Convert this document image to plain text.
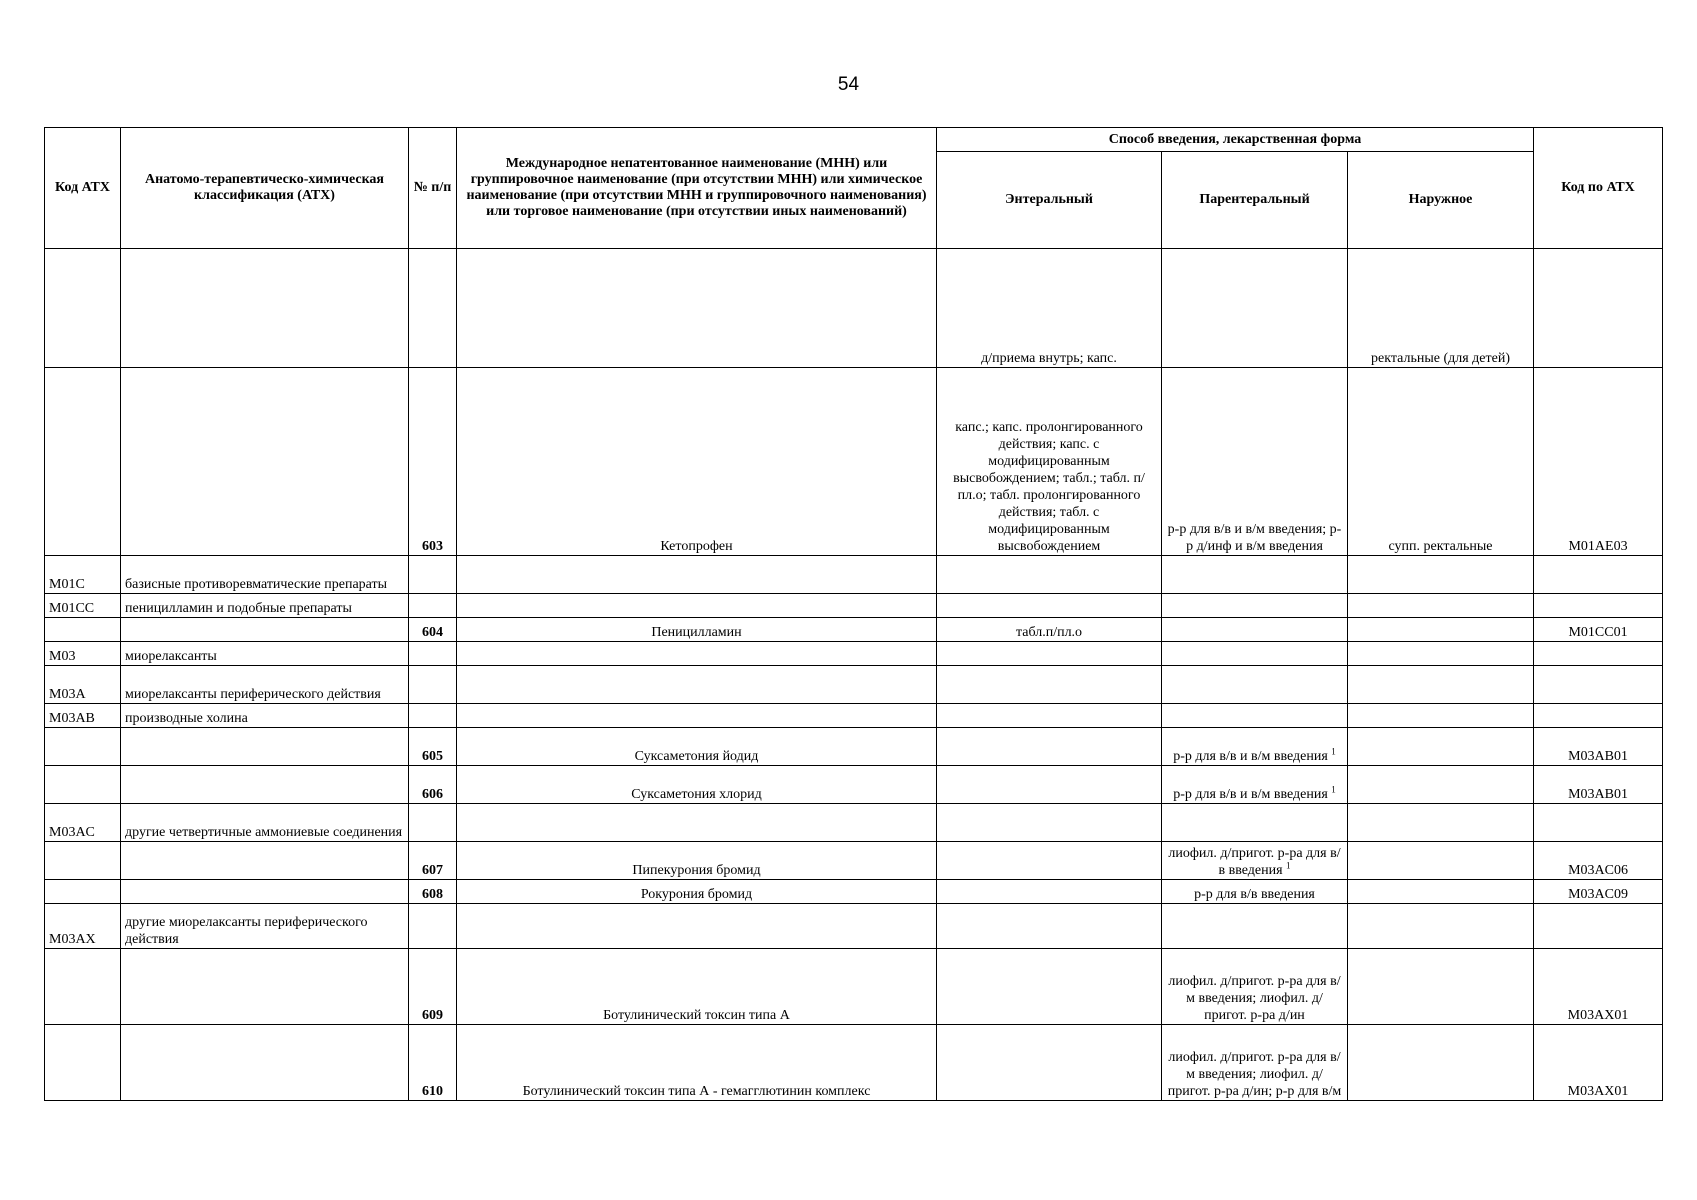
54
Код АТХ	Анатомо-терапевтическо-химическая классификация (АТХ)	№ п/п	Международное непатентованное наименование (МНН) или группировочное наименование (при отсутствии МНН) или химическое наименование (при отсутствии МНН и группировочного наименования) или торговое наименование (при отсутствии иных наименований)	Способ введения, лекарственная форма			Код по АТХ
				Энтеральный	Парентеральный	Наружное	
				д/приема внутрь; капс.		ректальные (для детей)	
		603	Кетопрофен	капс.; капс. пролонгированного действия; капс. с модифицированным высвобождением; табл.; табл. п/пл.о; табл. пролонгированного действия; табл. с модифицированным высвобождением	р-р для в/в и в/м введения; р-р д/инф и в/м введения	супп. ректальные	M01AE03
M01C	базисные противоревматические препараты						
M01CC	пеницилламин и подобные препараты						
		604	Пеницилламин	табл.п/пл.о			M01CC01
M03	миорелаксанты						
M03A	миорелаксанты периферического действия						
M03AB	производные холина						
		605	Суксаметония йодид		р-р для в/в и в/м введения $^1$		M03AB01
		606	Суксаметония хлорид		р-р для в/в и в/м введения $^1$		M03AB01
M03AC	другие четвертичные аммониевые соединения						
		607	Пипекурония бромид		лиофил. д/пригот. р-ра для в/в введения $^1$		M03AC06
		608	Рокурония бромид		р-р для в/в введения		M03AC09
M03AX	другие миорелаксанты периферического действия						
		609	Ботулинический токсин типа А		лиофил. д/пригот. р-ра для в/м введения; лиофил. д/пригот. р-ра д/ин		M03AX01
		610	Ботулинический токсин типа А - гемагглютинин комплекс		лиофил. д/пригот. р-ра для в/м введения; лиофил. д/пригот. р-ра д/ин; р-р для в/м		M03AX01
